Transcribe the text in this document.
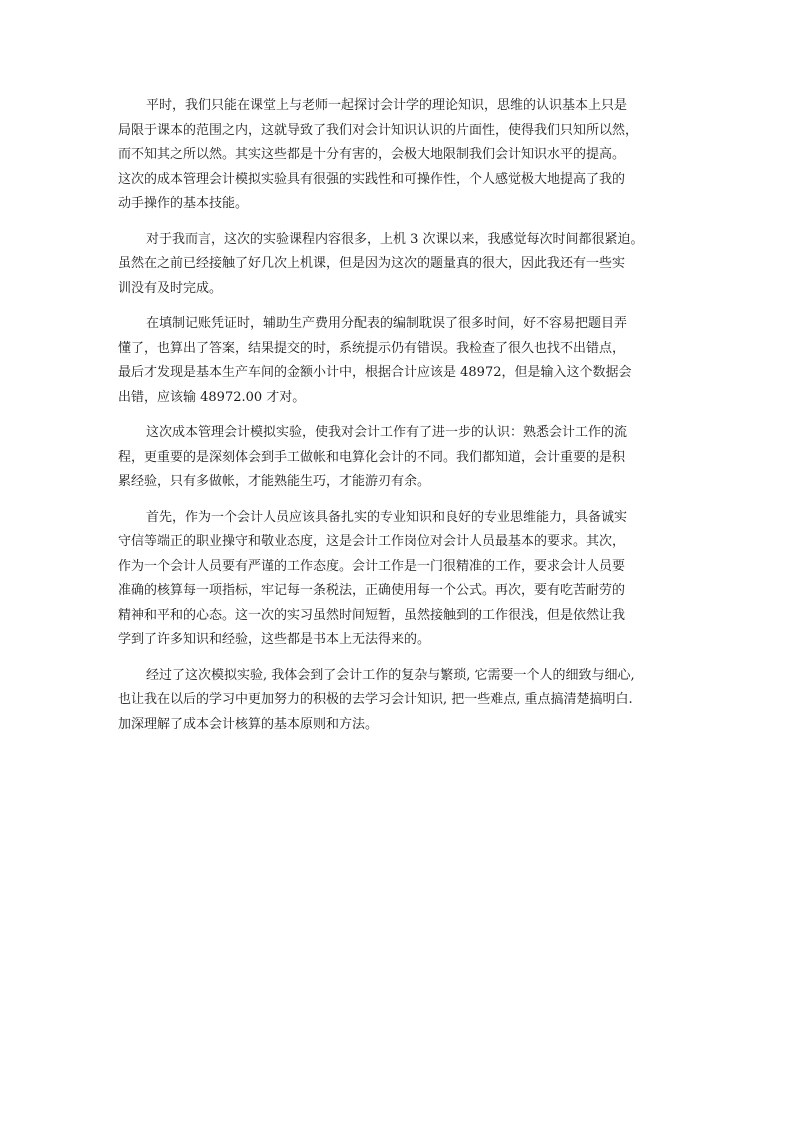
平时，我们只能在课堂上与老师一起探讨会计学的理论知识，思维的认识基本上只是
局限于课本的范围之内，这就导致了我们对会计知识认识的片面性，使得我们只知所以然，
而不知其之所以然。其实这些都是十分有害的，会极大地限制我们会计知识水平的提高。
这次的成本管理会计模拟实验具有很强的实践性和可操作性，个人感觉极大地提高了我的
动手操作的基本技能。

对于我而言，这次的实验课程内容很多，上机 3 次课以来，我感觉每次时间都很紧迫。
虽然在之前已经接触了好几次上机课，但是因为这次的题量真的很大，因此我还有一些实
训没有及时完成。

在填制记账凭证时，辅助生产费用分配表的编制耽误了很多时间，好不容易把题目弄
懂了，也算出了答案，结果提交的时，系统提示仍有错误。我检查了很久也找不出错点，
最后才发现是基本生产车间的金额小计中，根据合计应该是 48972，但是输入这个数据会
出错，应该输 48972.00 才对。

这次成本管理会计模拟实验，使我对会计工作有了进一步的认识：熟悉会计工作的流
程，更重要的是深刻体会到手工做帐和电算化会计的不同。我们都知道，会计重要的是积
累经验，只有多做帐，才能熟能生巧，才能游刃有余。

首先，作为一个会计人员应该具备扎实的专业知识和良好的专业思维能力，具备诚实
守信等端正的职业操守和敬业态度，这是会计工作岗位对会计人员最基本的要求。其次，
作为一个会计人员要有严谨的工作态度。会计工作是一门很精准的工作，要求会计人员要
准确的核算每一项指标，牢记每一条税法，正确使用每一个公式。再次，要有吃苦耐劳的
精神和平和的心态。这一次的实习虽然时间短暂，虽然接触到的工作很浅，但是依然让我
学到了许多知识和经验，这些都是书本上无法得来的。

经过了这次模拟实验, 我体会到了会计工作的复杂与繁琐, 它需要一个人的细致与细心,
也让我在以后的学习中更加努力的积极的去学习会计知识, 把一些难点, 重点搞清楚搞明白.
加深理解了成本会计核算的基本原则和方法。
